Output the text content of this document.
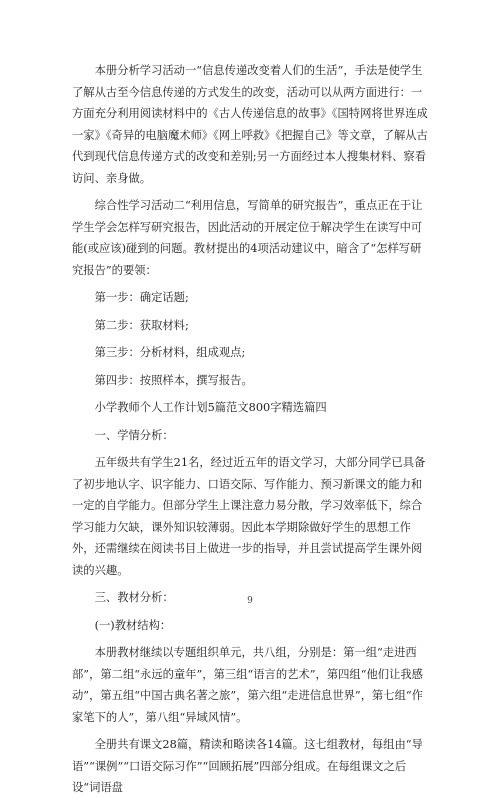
本册分析学习活动一“信息传递改变着人们的生活”，手法是使学生了解从古至今信息传递的方式发生的改变，活动可以从两方面进行：一方面充分利用阅读材料中的《古人传递信息的故事》《国特网将世界连成一家》《奇异的电脑魔术师》《网上呼救》《把握自己》等文章，了解从古代到现代信息传递方式的改变和差别;另一方面经过本人搜集材料、察看访问、亲身做。

综合性学习活动二“利用信息，写简单的研究报告”，重点正在于让学生学会怎样写研究报告，因此活动的开展定位于解决学生在读写中可能(或应该)碰到的问题。教材提出的4项活动建议中，暗含了“怎样写研究报告”的要领：

第一步：确定话题;

第二步：获取材料;

第三步：分析材料，组成观点;

第四步：按照样本，撰写报告。

小学教师个人工作计划5篇范文800字精选篇四

一、学情分析：

五年级共有学生21名，经过近五年的语文学习，大部分同学已具备了初步地认字、识字能力、口语交际、写作能力、预习新课文的能力和一定的自学能力。但部分学生上课注意力易分散，学习效率低下，综合学习能力欠缺，课外知识较薄弱。因此本学期除做好学生的思想工作外，还需继续在阅读书目上做进一步的指导，并且尝试提高学生课外阅读的兴趣。

三、教材分析：

(一)教材结构：

本册教材继续以专题组织单元，共八组，分别是：第一组“走进西部”，第二组“永远的童年”，第三组“语言的艺术”，第四组“他们让我感动”，第五组“中国古典名著之旅”，第六组“走进信息世界”，第七组“作家笔下的人”，第八组“异域风情”。

全册共有课文28篇，精读和略读各14篇。这七组教材，每组由“导语”“课例”“口语交际习作”“回顾拓展”四部分组成。在每组课文之后设“词语盘

9
